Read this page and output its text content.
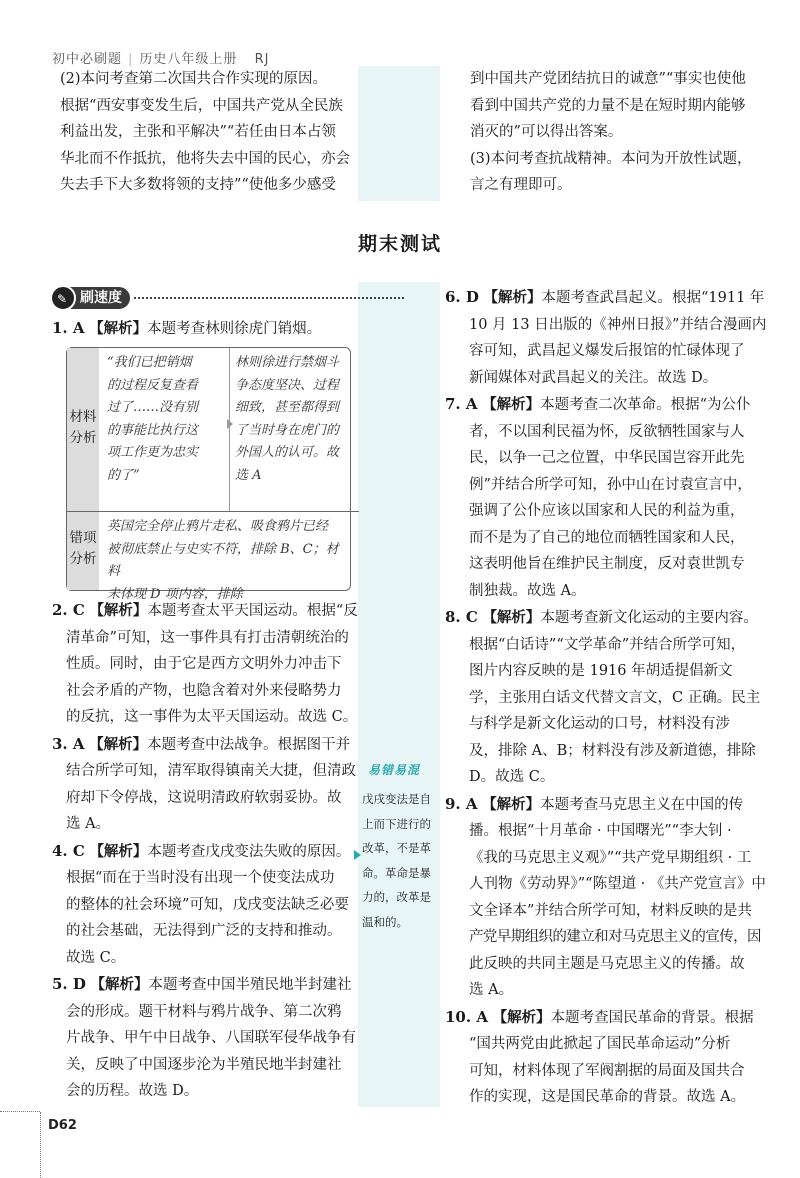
初中必刷题 | 历史八年级上册 RJ
(2)本问考查第二次国共合作实现的原因。
根据“西安事变发生后，中国共产党从全民族
利益出发，主张和平解决”“若任由日本占领
华北而不作抵抗，他将失去中国的民心，亦会
失去手下大多数将领的支持”“使他多少感受
到中国共产党团结抗日的诚意”“事实也使他
看到中国共产党的力量不是在短时期内能够
消灭的”可以得出答案。
(3)本问考查抗战精神。本问为开放性试题，
言之有理即可。
期末测试
✎ 刷速度
1. A 【解析】本题考查林则徐虎门销烟。
材料
分析
错项
分析
“我们已把销烟
的过程反复查看
过了……没有别
的事能比执行这
项工作更为忠实
的了”
林则徐进行禁烟斗
争态度坚决、过程
细致，甚至都得到
了当时身在虎门的
外国人的认可。故
选 A
英国完全停止鸦片走私、吸食鸦片已经
被彻底禁止与史实不符，排除 B、C；材料
未体现 D 项内容，排除
2. C 【解析】本题考查太平天国运动。根据“反
清革命”可知，这一事件具有打击清朝统治的
性质。同时，由于它是西方文明外力冲击下
社会矛盾的产物，也隐含着对外来侵略势力
的反抗，这一事件为太平天国运动。故选 C。
3. A 【解析】本题考查中法战争。根据图干并
结合所学可知，清军取得镇南关大捷，但清政
府却下令停战，这说明清政府软弱妥协。故
选 A。
4. C 【解析】本题考查戊戌变法失败的原因。
根据“而在于当时没有出现一个使变法成功
的整体的社会环境”可知，戊戌变法缺乏必要
的社会基础，无法得到广泛的支持和推动。
故选 C。
5. D 【解析】本题考查中国半殖民地半封建社
会的形成。题干材料与鸦片战争、第二次鸦
片战争、甲午中日战争、八国联军侵华战争有
关，反映了中国逐步沦为半殖民地半封建社
会的历程。故选 D。
6. D 【解析】本题考查武昌起义。根据“1911 年
10 月 13 日出版的《神州日报》”并结合漫画内
容可知，武昌起义爆发后报馆的忙碌体现了
新闻媒体对武昌起义的关注。故选 D。
7. A 【解析】本题考查二次革命。根据“为公仆
者，不以国利民福为怀，反欲牺牲国家与人
民，以争一己之位置，中华民国岂容开此先
例”并结合所学可知，孙中山在讨袁宣言中，
强调了公仆应该以国家和人民的利益为重，
而不是为了自己的地位而牺牲国家和人民，
这表明他旨在维护民主制度，反对袁世凯专
制独裁。故选 A。
8. C 【解析】本题考查新文化运动的主要内容。
根据“白话诗”“文学革命”并结合所学可知，
图片内容反映的是 1916 年胡适提倡新文
学，主张用白话文代替文言文，C 正确。民主
与科学是新文化运动的口号，材料没有涉
及，排除 A、B；材料没有涉及新道德，排除
D。故选 C。
9. A 【解析】本题考查马克思主义在中国的传
播。根据“十月革命 · 中国曙光”“李大钊 ·
《我的马克思主义观》”“共产党早期组织 · 工
人刊物《劳动界》”“陈望道 · 《共产党宣言》中
文全译本”并结合所学可知，材料反映的是共
产党早期组织的建立和对马克思主义的宣传，因
此反映的共同主题是马克思主义的传播。故
选 A。
10. A 【解析】本题考查国民革命的背景。根据
“国共两党由此掀起了国民革命运动”分析
可知，材料体现了军阀割据的局面及国共合
作的实现，这是国民革命的背景。故选 A。
易错易混
戊戌变法是自
上而下进行的
改革，不是革
命。革命是暴
力的，改革是
温和的。
D62
